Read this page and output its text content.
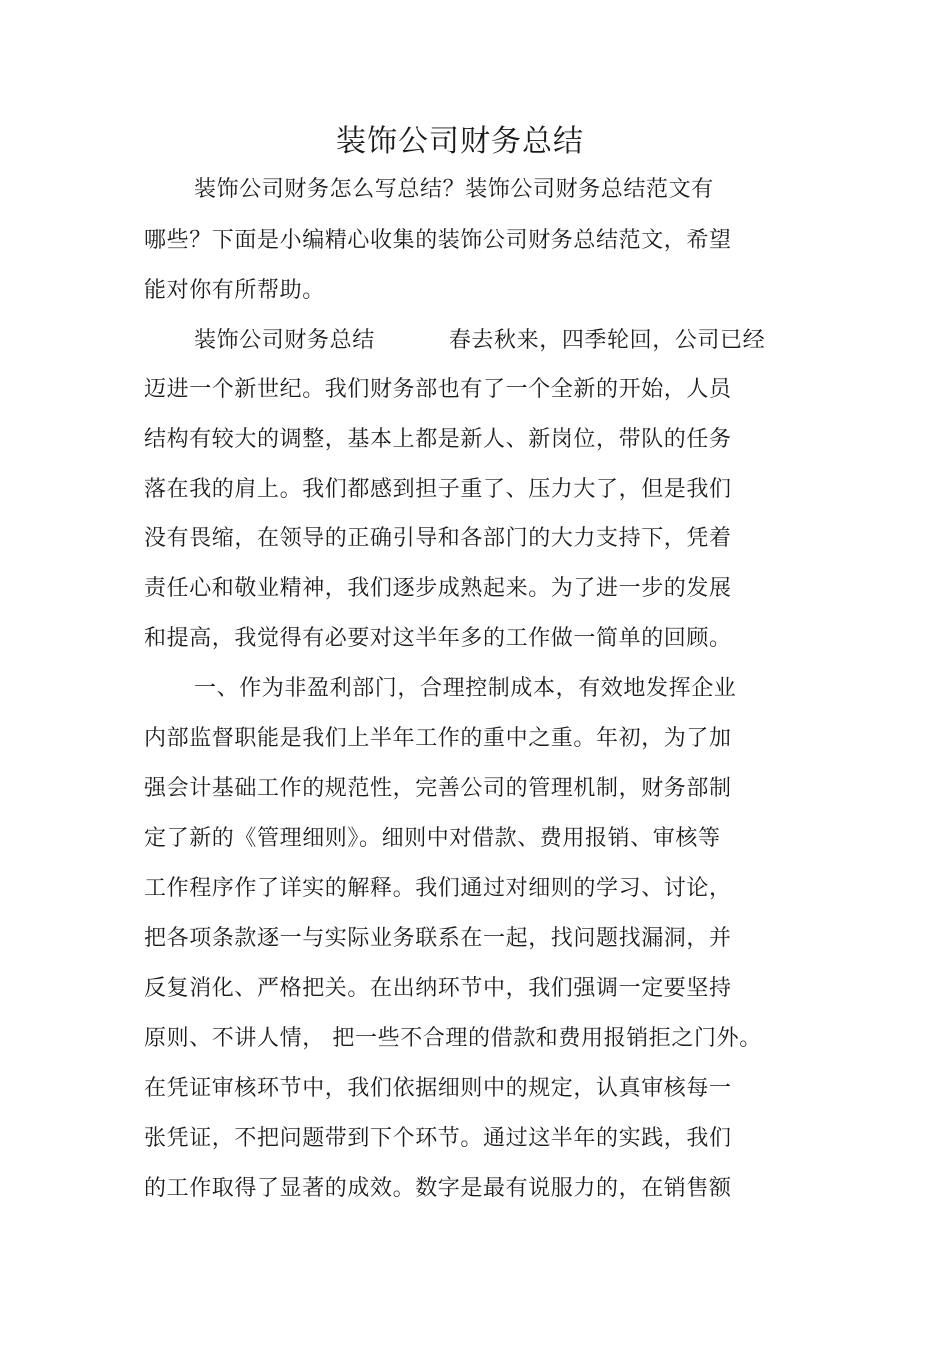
装饰公司财务总结
装饰公司财务怎么写总结？装饰公司财务总结范文有
哪些？下面是小编精心收集的装饰公司财务总结范文，希望
能对你有所帮助。
装饰公司财务总结	春去秋来，四季轮回，公司已经
迈进一个新世纪。我们财务部也有了一个全新的开始，人员
结构有较大的调整，基本上都是新人、新岗位，带队的任务
落在我的肩上。我们都感到担子重了、压力大了，但是我们
没有畏缩，在领导的正确引导和各部门的大力支持下，凭着
责任心和敬业精神，我们逐步成熟起来。为了进一步的发展
和提高，我觉得有必要对这半年多的工作做一简单的回顾。
一、作为非盈利部门，合理控制成本，有效地发挥企业
内部监督职能是我们上半年工作的重中之重。年初，为了加
强会计基础工作的规范性，完善公司的管理机制，财务部制
定了新的《管理细则》。细则中对借款、费用报销、审核等
工作程序作了详实的解释。我们通过对细则的学习、讨论，
把各项条款逐一与实际业务联系在一起，找问题找漏洞，并
反复消化、严格把关。在出纳环节中，我们强调一定要坚持
原则、不讲人情， 把一些不合理的借款和费用报销拒之门外。
在凭证审核环节中，我们依据细则中的规定，认真审核每一
张凭证，不把问题带到下个环节。通过这半年的实践，我们
的工作取得了显著的成效。数字是最有说服力的，在销售额
